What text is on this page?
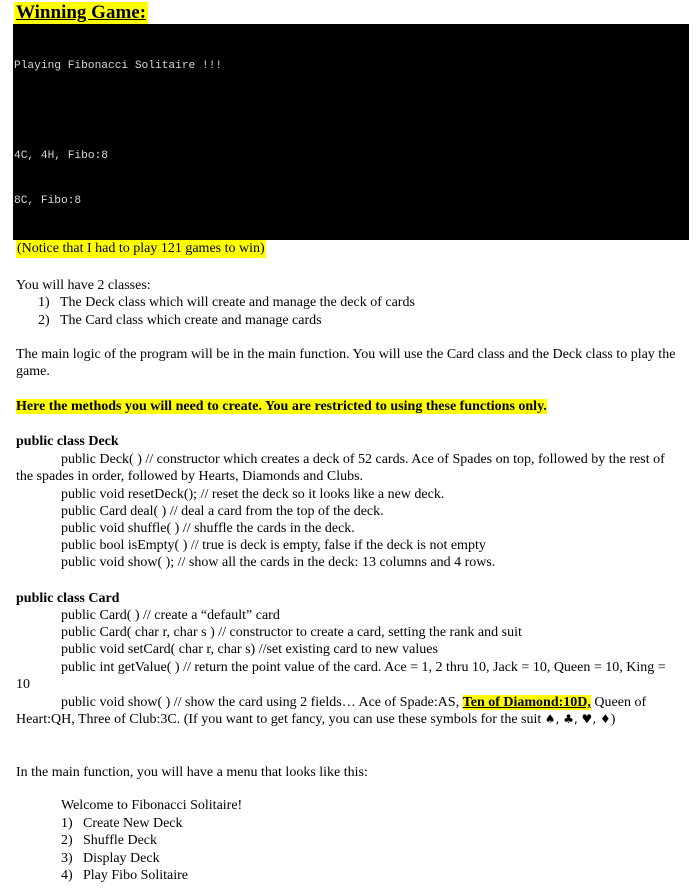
Winning Game:

Playing Fibonacci Solitaire !!!

4C, 4H, Fibo:8

8C, Fibo:8

(Notice that I had to play 121 games to win)
You will have 2 classes:
1) The Deck class which will create and manage the deck of cards
2) The Card class which create and manage cards
The main logic of the program will be in the main function. You will use the Card class and the Deck class to play the game.
Here the methods you will need to create. You are restricted to using these functions only.
public class Deck
public Deck( ) // constructor which creates a deck of 52 cards. Ace of Spades on top, followed by the rest of the spades in order, followed by Hearts, Diamonds and Clubs.
public void resetDeck(); // reset the deck so it looks like a new deck.
public Card deal( ) // deal a card from the top of the deck.
public void shuffle( ) // shuffle the cards in the deck.
public bool isEmpty( ) // true is deck is empty, false if the deck is not empty
public void show( ); // show all the cards in the deck: 13 columns and 4 rows.
public class Card
public Card( ) // create a “default” card
public Card( char r, char s ) // constructor to create a card, setting the rank and suit
public void setCard( char r, char s) //set existing card to new values
public int getValue( ) // return the point value of the card. Ace = 1, 2 thru 10, Jack = 10, Queen = 10, King = 10
public void show( ) // show the card using 2 fields… Ace of Spade:AS, Ten of Diamond:10D, Queen of Heart:QH, Three of Club:3C. (If you want to get fancy, you can use these symbols for the suit ♠, ♣, ♥, ♦)
In the main function, you will have a menu that looks like this:
Welcome to Fibonacci Solitaire!
1) Create New Deck
2) Shuffle Deck
3) Display Deck
4) Play Fibo Solitaire
